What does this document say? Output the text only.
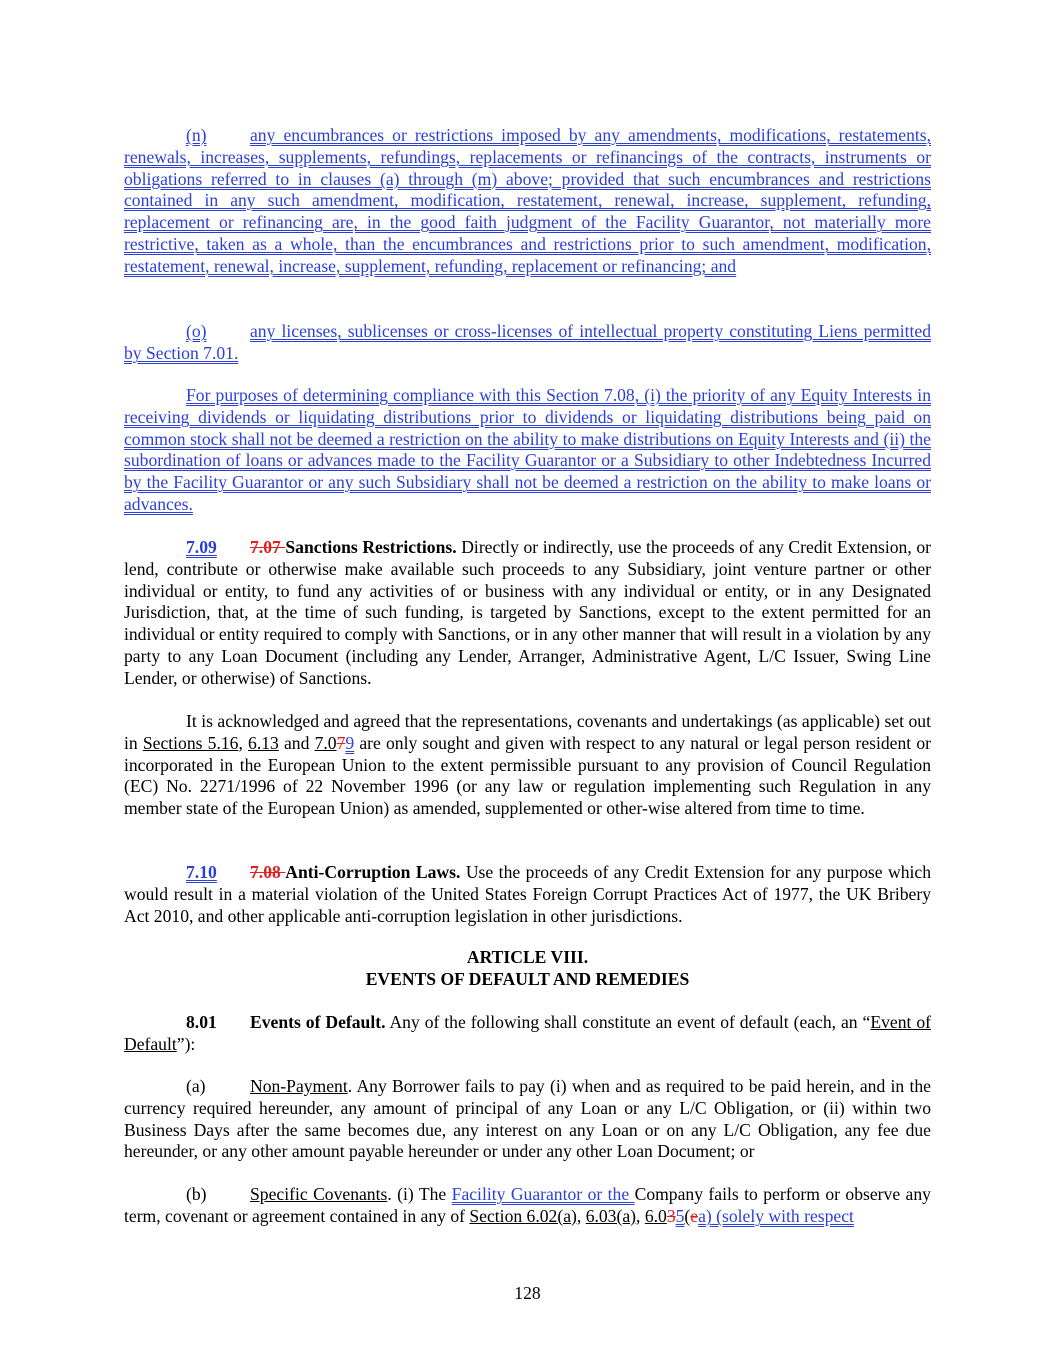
(n) any encumbrances or restrictions imposed by any amendments, modifications, restatements, renewals, increases, supplements, refundings, replacements or refinancings of the contracts, instruments or obligations referred to in clauses (a) through (m) above; provided that such encumbrances and restrictions contained in any such amendment, modification, restatement, renewal, increase, supplement, refunding, replacement or refinancing are, in the good faith judgment of the Facility Guarantor, not materially more restrictive, taken as a whole, than the encumbrances and restrictions prior to such amendment, modification, restatement, renewal, increase, supplement, refunding, replacement or refinancing; and
(o) any licenses, sublicenses or cross-licenses of intellectual property constituting Liens permitted by Section 7.01.
For purposes of determining compliance with this Section 7.08, (i) the priority of any Equity Interests in receiving dividends or liquidating distributions prior to dividends or liquidating distributions being paid on common stock shall not be deemed a restriction on the ability to make distributions on Equity Interests and (ii) the subordination of loans or advances made to the Facility Guarantor or a Subsidiary to other Indebtedness Incurred by the Facility Guarantor or any such Subsidiary shall not be deemed a restriction on the ability to make loans or advances.
7.09 7.07 Sanctions Restrictions. Directly or indirectly, use the proceeds of any Credit Extension, or lend, contribute or otherwise make available such proceeds to any Subsidiary, joint venture partner or other individual or entity, to fund any activities of or business with any individual or entity, or in any Designated Jurisdiction, that, at the time of such funding, is targeted by Sanctions, except to the extent permitted for an individual or entity required to comply with Sanctions, or in any other manner that will result in a violation by any party to any Loan Document (including any Lender, Arranger, Administrative Agent, L/C Issuer, Swing Line Lender, or otherwise) of Sanctions.
It is acknowledged and agreed that the representations, covenants and undertakings (as applicable) set out in Sections 5.16, 6.13 and 7.079 are only sought and given with respect to any natural or legal person resident or incorporated in the European Union to the extent permissible pursuant to any provision of Council Regulation (EC) No. 2271/1996 of 22 November 1996 (or any law or regulation implementing such Regulation in any member state of the European Union) as amended, supplemented or other-wise altered from time to time.
7.10 7.08 Anti-Corruption Laws. Use the proceeds of any Credit Extension for any purpose which would result in a material violation of the United States Foreign Corrupt Practices Act of 1977, the UK Bribery Act 2010, and other applicable anti-corruption legislation in other jurisdictions.
ARTICLE VIII.
EVENTS OF DEFAULT AND REMEDIES
8.01 Events of Default. Any of the following shall constitute an event of default (each, an “Event of Default”):
(a)	Non-Payment. Any Borrower fails to pay (i) when and as required to be paid herein, and in the currency required hereunder, any amount of principal of any Loan or any L/C Obligation, or (ii) within two Business Days after the same becomes due, any interest on any Loan or on any L/C Obligation, any fee due hereunder, or any other amount payable hereunder or under any other Loan Document; or
(b) Specific Covenants. (i) The Facility Guarantor or the Company fails to perform or observe any term, covenant or agreement contained in any of Section 6.02(a), 6.03(a), 6.035(ea) (solely with respect
128
